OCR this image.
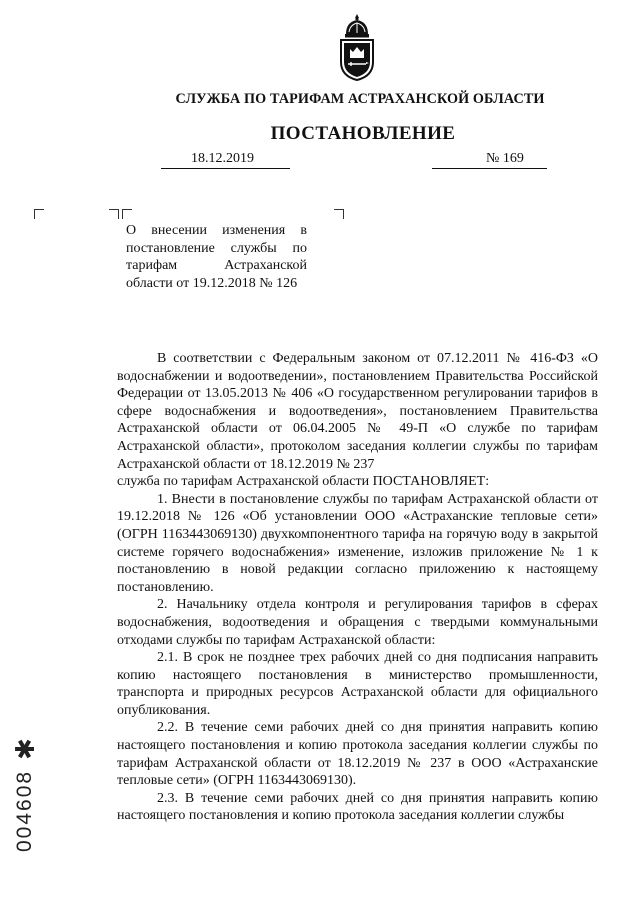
СЛУЖБА ПО ТАРИФАМ АСТРАХАНСКОЙ ОБЛАСТИ
ПОСТАНОВЛЕНИЕ
18.12.2019	№ 169
О внесении изменения в
постановление службы по
тарифам Астраханской
области от 19.12.2018 № 126

В соответствии с Федеральным законом от 07.12.2011 № 416-ФЗ «О водоснабжении и водоотведении», постановлением Правительства Российской Федерации от 13.05.2013 № 406 «О государственном регулировании тарифов в сфере водоснабжения и водоотведения», постановлением Правительства Астраханской области от 06.04.2005 № 49-П «О службе по тарифам Астраханской области», протоколом заседания коллегии службы по тарифам Астраханской области от 18.12.2019 № 237

служба по тарифам Астраханской области ПОСТАНОВЛЯЕТ:

1. Внести в постановление службы по тарифам Астраханской области от 19.12.2018 № 126 «Об установлении ООО «Астраханские тепловые сети» (ОГРН 1163443069130) двухкомпонентного тарифа на горячую воду в закрытой системе горячего водоснабжения» изменение, изложив приложение № 1 к постановлению в новой редакции согласно приложению к настоящему постановлению.

2. Начальнику отдела контроля и регулирования тарифов в сферах водоснабжения, водоотведения и обращения с твердыми коммунальными отходами службы по тарифам Астраханской области:

2.1. В срок не позднее трех рабочих дней со дня подписания направить копию настоящего постановления в министерство промышленности, транспорта и природных ресурсов Астраханской области для официального опубликования.

2.2. В течение семи рабочих дней со дня принятия направить копию настоящего постановления и копию протокола заседания коллегии службы по тарифам Астраханской области от 18.12.2019 № 237 в ООО «Астраханские тепловые сети» (ОГРН 1163443069130).

2.3. В течение семи рабочих дней со дня принятия направить копию настоящего постановления и копию протокола заседания коллегии службы

004608✱
